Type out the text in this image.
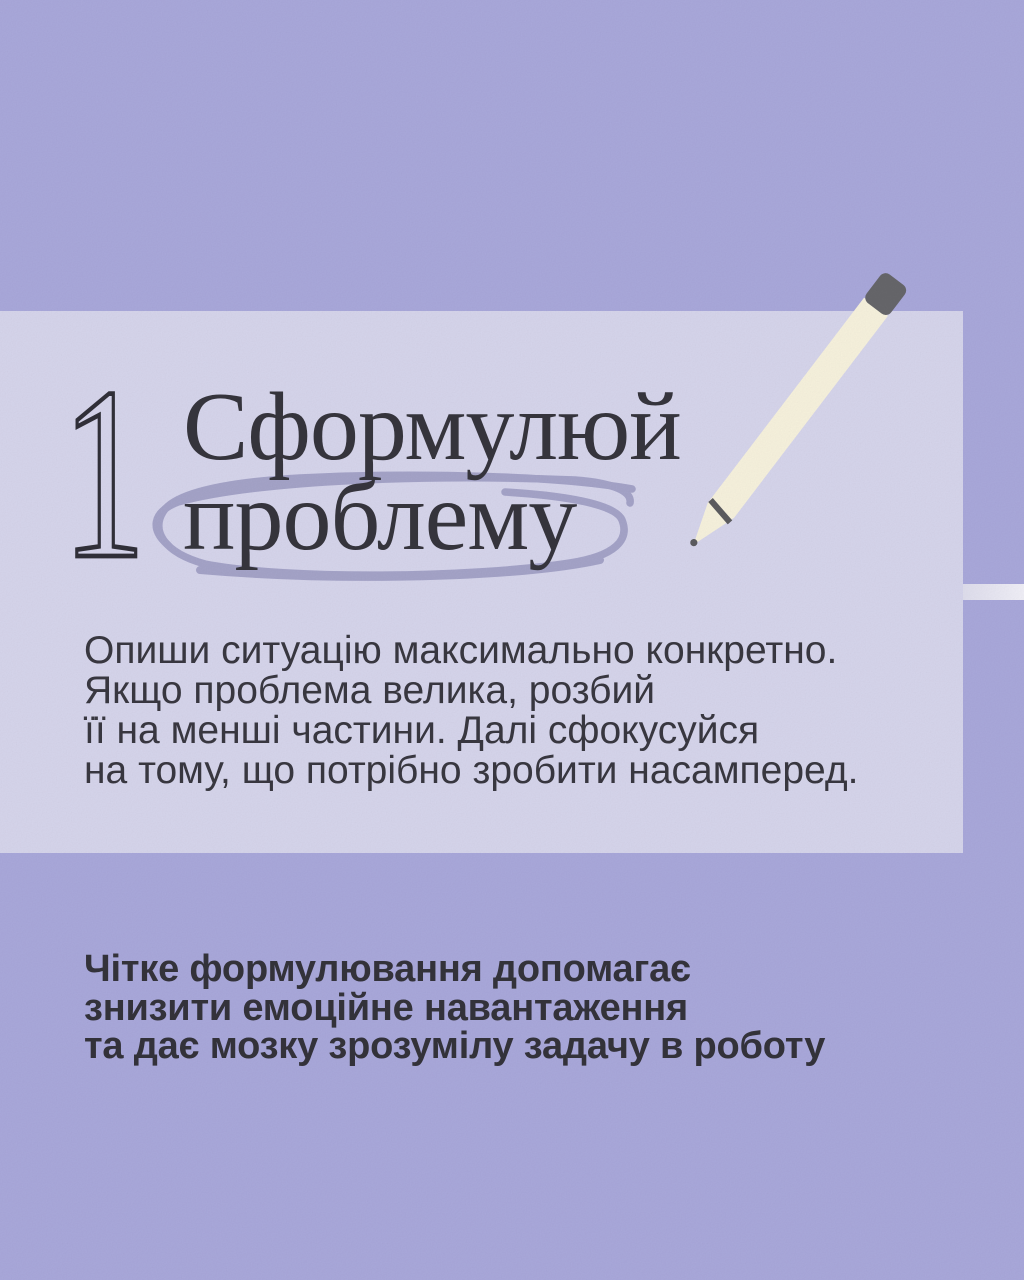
1 Сформулюй
проблему
Опиши ситуацію максимально конкретно.
Якщо проблема велика, розбий
її на менші частини. Далі сфокусуйся
на тому, що потрібно зробити насамперед.
Чітке формулювання допомагає
знизити емоційне навантаження
та дає мозку зрозумілу задачу в роботу
